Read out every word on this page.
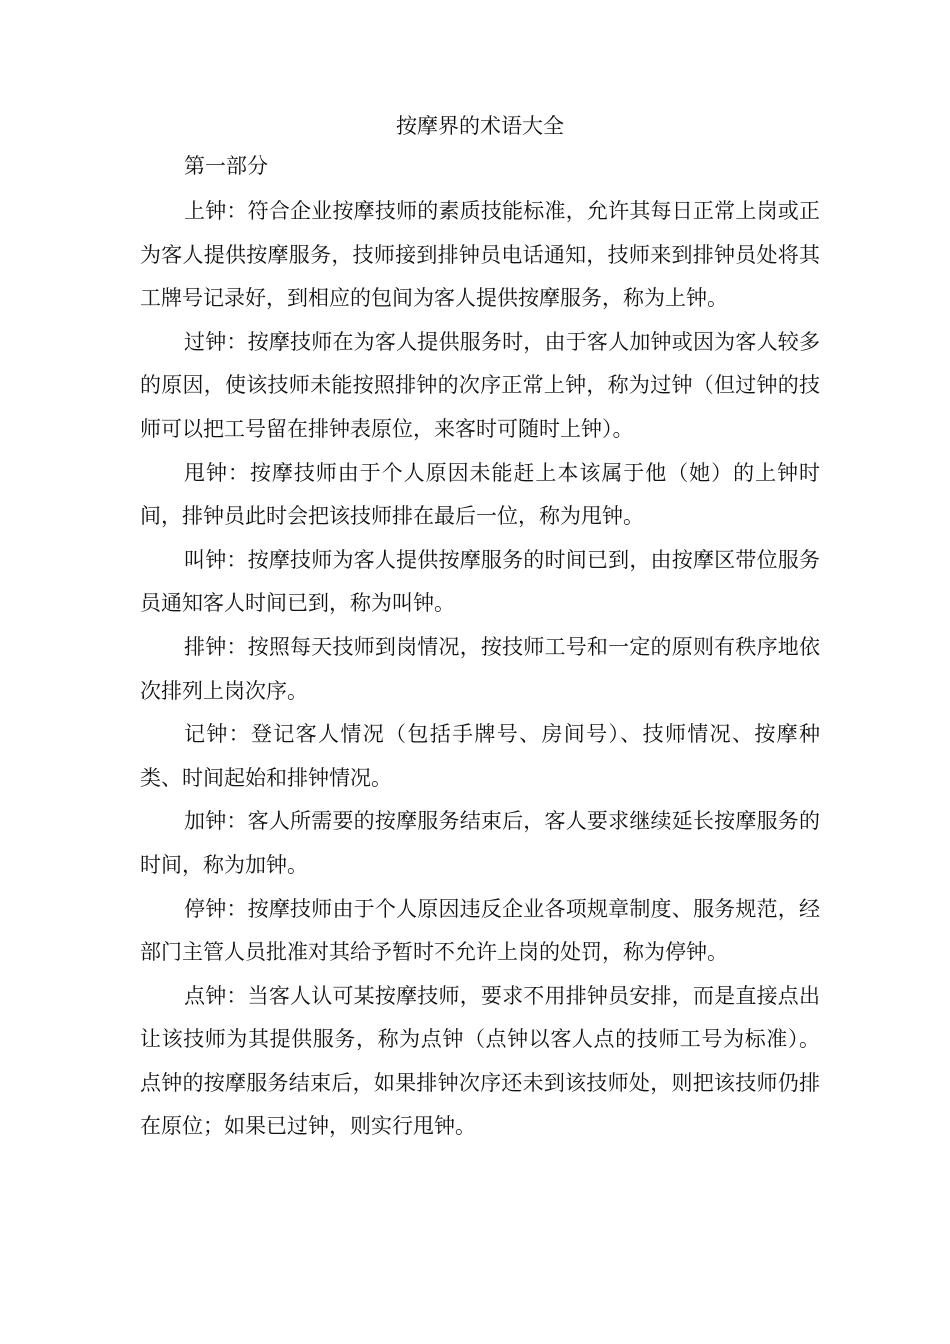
按摩界的术语大全

第一部分

上钟：符合企业按摩技师的素质技能标准，允许其每日正常上岗或正为客人提供按摩服务，技师接到排钟员电话通知，技师来到排钟员处将其工牌号记录好，到相应的包间为客人提供按摩服务，称为上钟。

过钟：按摩技师在为客人提供服务时，由于客人加钟或因为客人较多的原因，使该技师未能按照排钟的次序正常上钟，称为过钟（但过钟的技师可以把工号留在排钟表原位，来客时可随时上钟）。

甩钟：按摩技师由于个人原因未能赶上本该属于他（她）的上钟时间，排钟员此时会把该技师排在最后一位，称为甩钟。

叫钟：按摩技师为客人提供按摩服务的时间已到，由按摩区带位服务员通知客人时间已到，称为叫钟。

排钟：按照每天技师到岗情况，按技师工号和一定的原则有秩序地依次排列上岗次序。

记钟：登记客人情况（包括手牌号、房间号）、技师情况、按摩种类、时间起始和排钟情况。

加钟：客人所需要的按摩服务结束后，客人要求继续延长按摩服务的时间，称为加钟。

停钟：按摩技师由于个人原因违反企业各项规章制度、服务规范，经部门主管人员批准对其给予暂时不允许上岗的处罚，称为停钟。

点钟：当客人认可某按摩技师，要求不用排钟员安排，而是直接点出让该技师为其提供服务，称为点钟（点钟以客人点的技师工号为标准）。点钟的按摩服务结束后，如果排钟次序还未到该技师处，则把该技师仍排在原位；如果已过钟，则实行甩钟。
